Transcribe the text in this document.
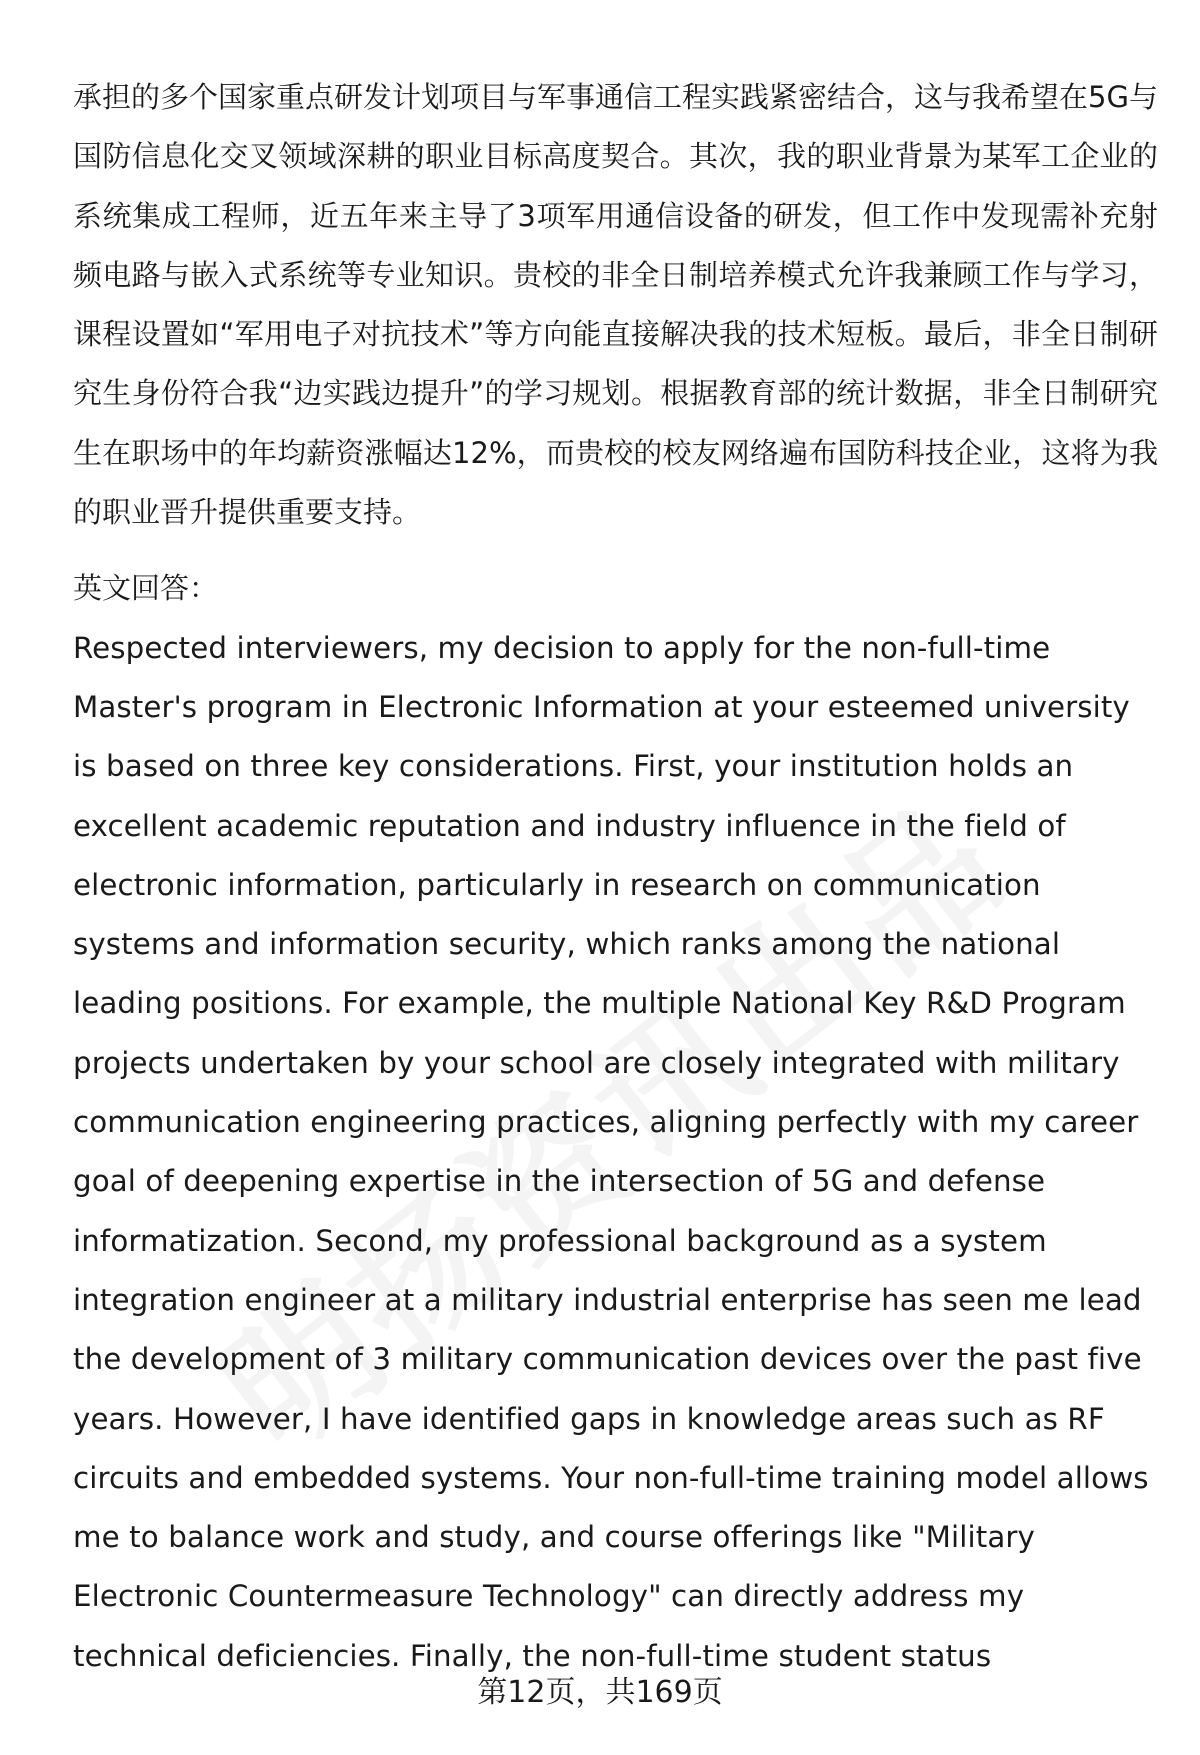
承担的多个国家重点研发计划项目与军事通信工程实践紧密结合，这与我希望在5G与国防信息化交叉领域深耕的职业目标高度契合。其次，我的职业背景为某军工企业的系统集成工程师，近五年来主导了3项军用通信设备的研发，但工作中发现需补充射频电路与嵌入式系统等专业知识。贵校的非全日制培养模式允许我兼顾工作与学习，课程设置如“军用电子对抗技术”等方向能直接解决我的技术短板。最后，非全日制研究生身份符合我“边实践边提升”的学习规划。根据教育部的统计数据，非全日制研究生在职场中的年均薪资涨幅达12%，而贵校的校友网络遍布国防科技企业，这将为我的职业晋升提供重要支持。

英文回答：

Respected interviewers, my decision to apply for the non-full-time Master's program in Electronic Information at your esteemed university is based on three key considerations. First, your institution holds an excellent academic reputation and industry influence in the field of electronic information, particularly in research on communication systems and information security, which ranks among the national leading positions. For example, the multiple National Key R&D Program projects undertaken by your school are closely integrated with military communication engineering practices, aligning perfectly with my career goal of deepening expertise in the intersection of 5G and defense informatization. Second, my professional background as a system integration engineer at a military industrial enterprise has seen me lead the development of 3 military communication devices over the past five years. However, I have identified gaps in knowledge areas such as RF circuits and embedded systems. Your non-full-time training model allows me to balance work and study, and course offerings like "Military Electronic Countermeasure Technology" can directly address my technical deficiencies. Finally, the non-full-time student status

第12页，共169页
